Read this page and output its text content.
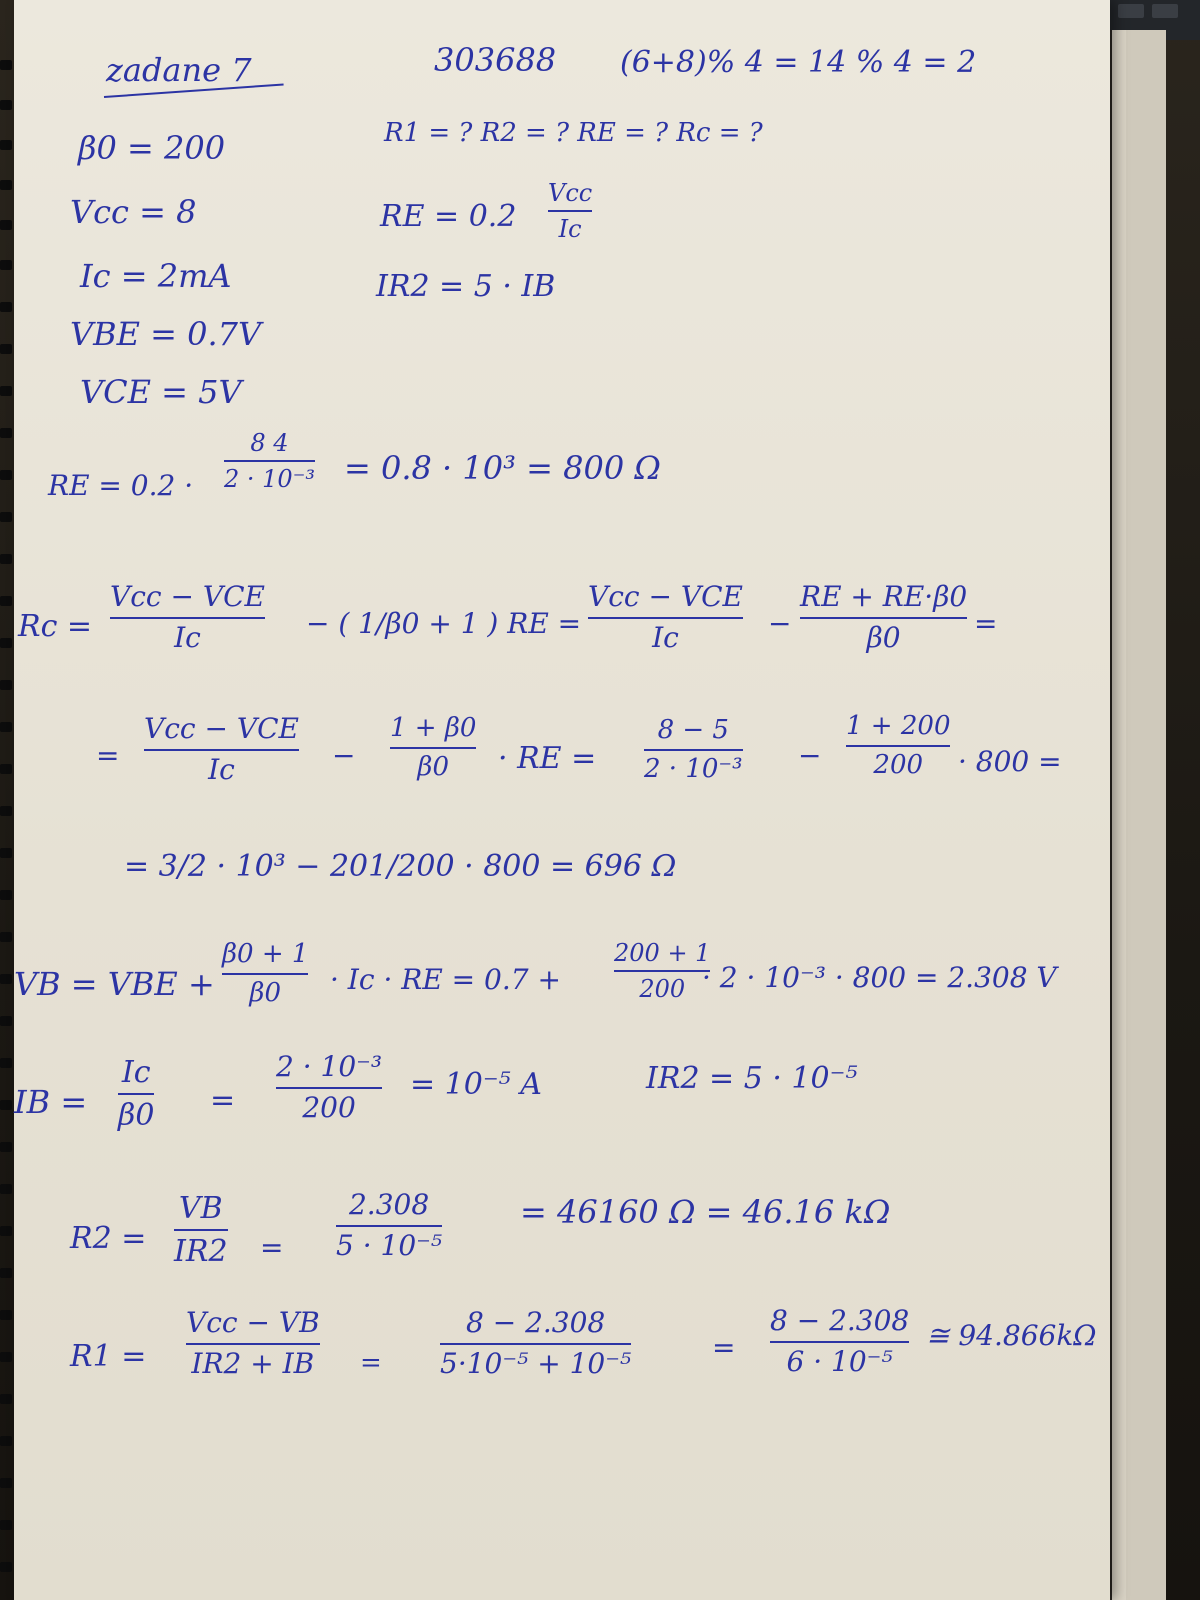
zadane 7	303688 (6+8)% 4 = 14 % 4 = 2
R1 = ? R2 = ? RE = ? Rc = ?
β0 = 200
Vcc = 8
Ic = 2mA
VBE = 0.7V
VCE = 5V
RE = 0.2
Vcc
Ic
IR2 = 5 · IB
RE = 0.2 ·
8 4
2 · 10⁻³ = 0.8 · 10³ = 800 Ω
Rc =
Vcc − VCE
Ic	− ( 1/β0 + 1 ) RE =
Vcc − VCE
Ic	−
RE + RE·β0
β0	=
=
Vcc − VCE
Ic	−
1 + β0
β0 · RE =
8 − 5
2 · 10⁻³ −
1 + 200
200 · 800 =
= 3/2 · 10³ − 201/200 · 800 = 696 Ω
VB = VBE +
β0 + 1
β0 · Ic · RE = 0.7 +
200 + 1
200 · 2 · 10⁻³ · 800 = 2.308 V
IB =
Ic
β0 =
2 · 10⁻³
200
= 10⁻⁵ A	IR2 = 5 · 10⁻⁵
R2 =
VB
IR2 =
2.308
5 · 10⁻⁵
= 46160 Ω = 46.16 kΩ
R1 =
Vcc − VB
IR2 + IB =
8 − 2.308
5·10⁻⁵ + 10⁻⁵	=
8 − 2.308
6 · 10⁻⁵
≅ 94.866kΩ
